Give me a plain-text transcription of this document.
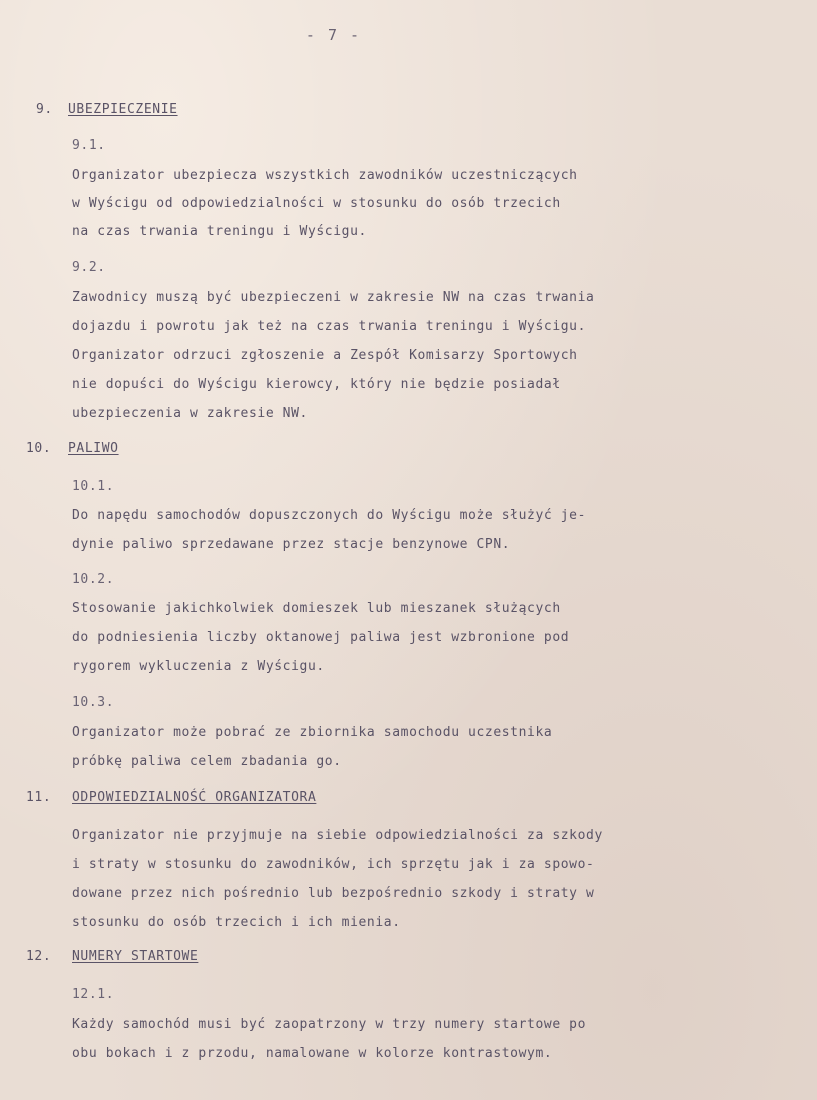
- 7 -
9. UBEZPIECZENIE
9.1.
Organizator ubezpiecza wszystkich zawodników uczestniczących
w Wyścigu od odpowiedzialności w stosunku do osób trzecich
na czas trwania treningu i Wyścigu.
9.2.
Zawodnicy muszą być ubezpieczeni w zakresie NW na czas trwania
dojazdu i powrotu jak też na czas trwania treningu i Wyścigu.
Organizator odrzuci zgłoszenie a Zespół Komisarzy Sportowych
nie dopuści do Wyścigu kierowcy, który nie będzie posiadał
ubezpieczenia w zakresie NW.
10. PALIWO
10.1.
Do napędu samochodów dopuszczonych do Wyścigu może służyć je-
dynie paliwo sprzedawane przez stacje benzynowe CPN.
10.2.
Stosowanie jakichkolwiek domieszek lub mieszanek służących
do podniesienia liczby oktanowej paliwa jest wzbronione pod
rygorem wykluczenia z Wyścigu.
10.3.
Organizator może pobrać ze zbiornika samochodu uczestnika
próbkę paliwa celem zbadania go.
11. ODPOWIEDZIALNOŚĆ ORGANIZATORA
Organizator nie przyjmuje na siebie odpowiedzialności za szkody
i straty w stosunku do zawodników, ich sprzętu jak i za spowo-
dowane przez nich pośrednio lub bezpośrednio szkody i straty w
stosunku do osób trzecich i ich mienia.
12. NUMERY STARTOWE
12.1.
Każdy samochód musi być zaopatrzony w trzy numery startowe po
obu bokach i z przodu, namalowane w kolorze kontrastowym.
